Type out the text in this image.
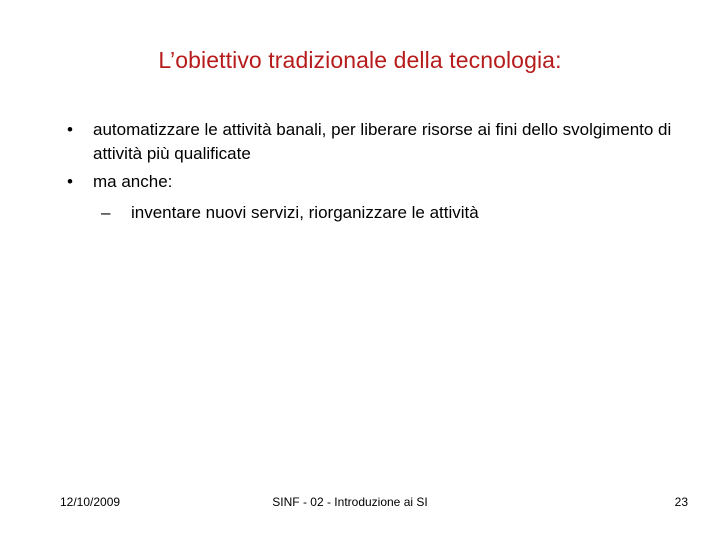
L’obiettivo tradizionale della tecnologia:
•	automatizzare le attività banali, per liberare risorse ai fini dello svolgimento di attività più qualificate
•	ma anche:
– inventare nuovi servizi, riorganizzare le attività
12/10/2009	SINF - 02 - Introduzione ai SI	23
